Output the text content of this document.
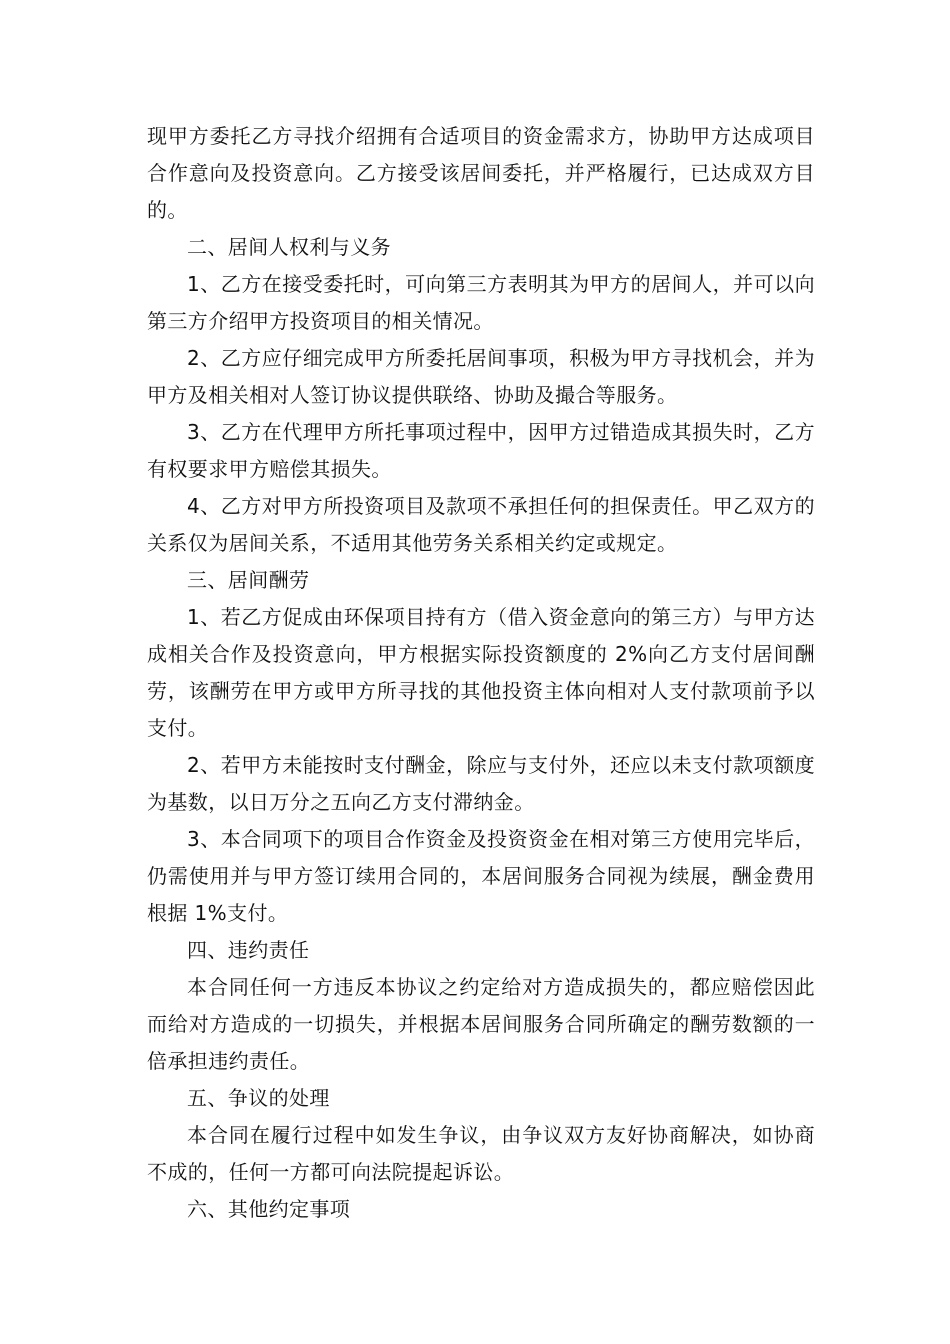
现甲方委托乙方寻找介绍拥有合适项目的资金需求方，协助甲方达成项目合作意向及投资意向。乙方接受该居间委托，并严格履行，已达成双方目的。

二、居间人权利与义务

1、乙方在接受委托时，可向第三方表明其为甲方的居间人，并可以向第三方介绍甲方投资项目的相关情况。

2、乙方应仔细完成甲方所委托居间事项，积极为甲方寻找机会，并为甲方及相关相对人签订协议提供联络、协助及撮合等服务。

3、乙方在代理甲方所托事项过程中，因甲方过错造成其损失时，乙方有权要求甲方赔偿其损失。

4、乙方对甲方所投资项目及款项不承担任何的担保责任。甲乙双方的关系仅为居间关系，不适用其他劳务关系相关约定或规定。

三、居间酬劳

1、若乙方促成由环保项目持有方（借入资金意向的第三方）与甲方达成相关合作及投资意向，甲方根据实际投资额度的 2%向乙方支付居间酬劳，该酬劳在甲方或甲方所寻找的其他投资主体向相对人支付款项前予以支付。

2、若甲方未能按时支付酬金，除应与支付外，还应以未支付款项额度为基数，以日万分之五向乙方支付滞纳金。

3、本合同项下的项目合作资金及投资资金在相对第三方使用完毕后，仍需使用并与甲方签订续用合同的，本居间服务合同视为续展，酬金费用根据 1%支付。

四、违约责任

本合同任何一方违反本协议之约定给对方造成损失的，都应赔偿因此而给对方造成的一切损失，并根据本居间服务合同所确定的酬劳数额的一倍承担违约责任。

五、争议的处理

本合同在履行过程中如发生争议，由争议双方友好协商解决，如协商不成的，任何一方都可向法院提起诉讼。

六、其他约定事项
